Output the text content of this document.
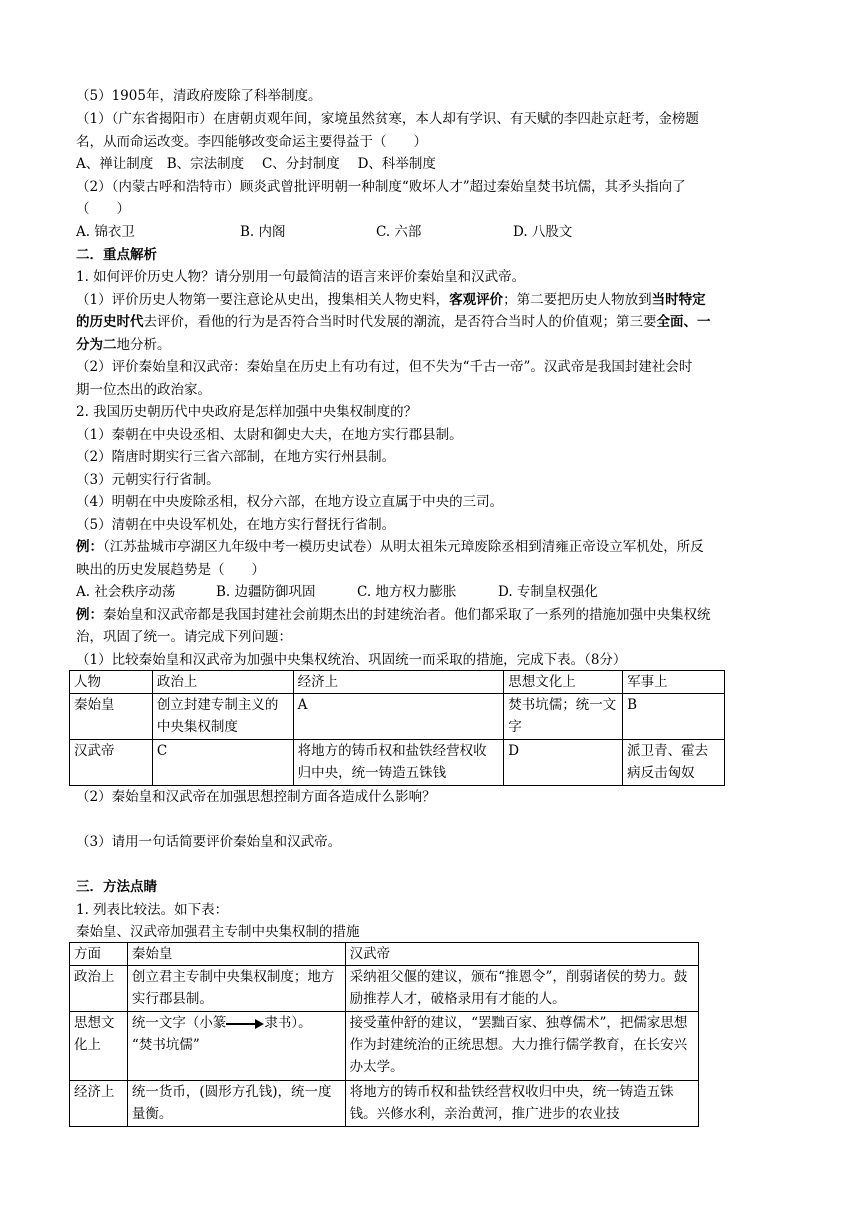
（5）1905年，清政府废除了科举制度。
（1）（广东省揭阳市）在唐朝贞观年间，家境虽然贫寒，本人却有学识、有天赋的李四赴京赶考，金榜题
名，从而命运改变。李四能够改变命运主要得益于（　　）
A、禅让制度　B、宗法制度　 C、分封制度　 D、科举制度
（2）（内蒙古呼和浩特市）顾炎武曾批评明朝一种制度“败坏人才”超过秦始皇焚书坑儒，其矛头指向了
（　　）
A. 锦衣卫	B. 内阁	C. 六部	D. 八股文
二．重点解析
1. 如何评价历史人物？请分别用一句最简洁的语言来评价秦始皇和汉武帝。
（1）评价历史人物第一要注意论从史出，搜集相关人物史料，客观评价；第二要把历史人物放到当时特定
的历史时代去评价，看他的行为是否符合当时时代发展的潮流，是否符合当时人的价值观；第三要全面、一
分为二地分析。
（2）评价秦始皇和汉武帝：秦始皇在历史上有功有过，但不失为“千古一帝”。汉武帝是我国封建社会时
期一位杰出的政治家。
2. 我国历史朝历代中央政府是怎样加强中央集权制度的？
（1）秦朝在中央设丞相、太尉和御史大夫，在地方实行郡县制。
（2）隋唐时期实行三省六部制，在地方实行州县制。
（3）元朝实行行省制。
（4）明朝在中央废除丞相，权分六部，在地方设立直属于中央的三司。
（5）清朝在中央设军机处，在地方实行督抚行省制。
例：（江苏盐城市亭湖区九年级中考一模历史试卷）从明太祖朱元璋废除丞相到清雍正帝设立军机处，所反
映出的历史发展趋势是（　　）
A. 社会秩序动荡	B. 边疆防御巩固	C. 地方权力膨胀	D. 专制皇权强化
例：秦始皇和汉武帝都是我国封建社会前期杰出的封建统治者。他们都采取了一系列的措施加强中央集权统
治，巩固了统一。请完成下列问题：
（1）比较秦始皇和汉武帝为加强中央集权统治、巩固统一而采取的措施，完成下表。（8分）
人物	政治上	经济上	思想文化上	军事上
秦始皇	创立封建专制主义的中央集权制度	A	焚书坑儒；统一文字	B
汉武帝	C	将地方的铸币权和盐铁经营权收归中央，统一铸造五铢钱	D	派卫青、霍去病反击匈奴
（2）秦始皇和汉武帝在加强思想控制方面各造成什么影响？
（3）请用一句话简要评价秦始皇和汉武帝。
三．方法点睛
1. 列表比较法。如下表：
秦始皇、汉武帝加强君主专制中央集权制的措施
方面	秦始皇	汉武帝
政治上	创立君主专制中央集权制度；地方实行郡县制。	采纳祖父偃的建议，颁布“推恩令”，削弱诸侯的势力。鼓励推荐人才，破格录用有才能的人。
思想文化上	统一文字（小篆 隶书）。
“焚书坑儒”	接受董仲舒的建议，“罢黜百家、独尊儒术”，把儒家思想作为封建统治的正统思想。大力推行儒学教育，在长安兴办太学。
经济上	统一货币，(圆形方孔钱)，统一度量衡。	将地方的铸币权和盐铁经营权收归中央，统一铸造五铢钱。兴修水利，亲治黄河，推广进步的农业技
